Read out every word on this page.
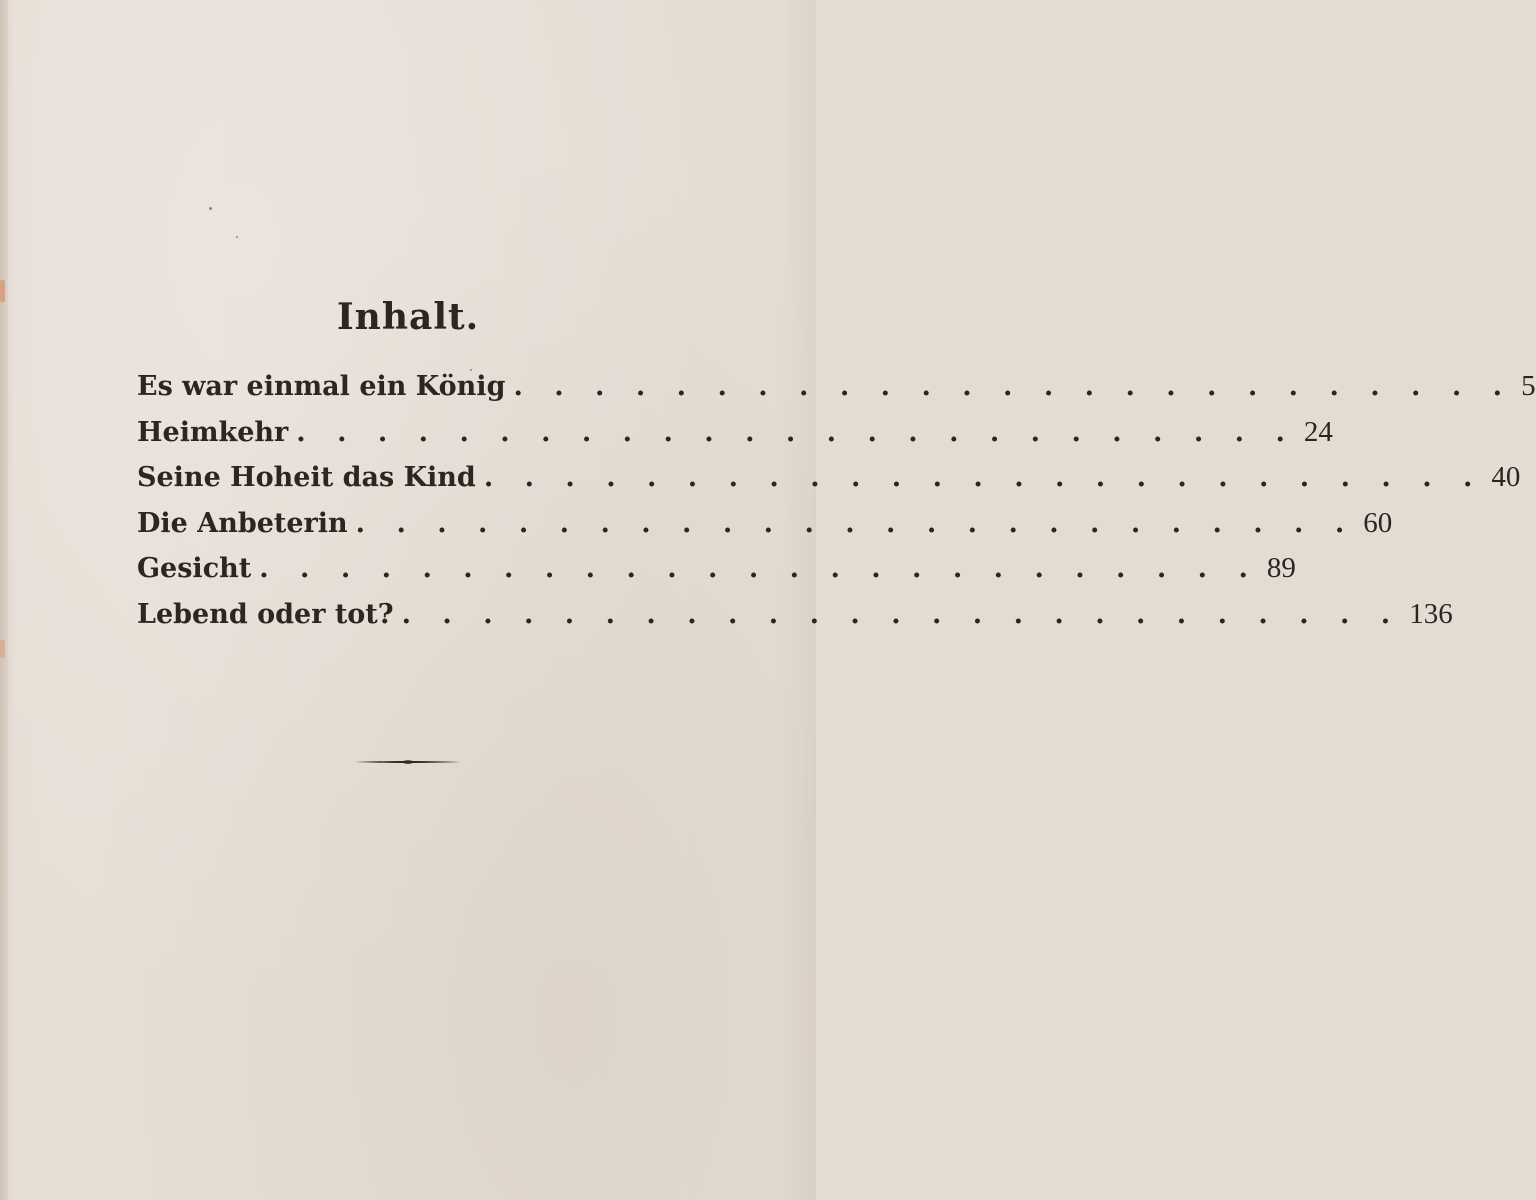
Inhalt.
Es war einmal ein König . . . . . . . . . . . . . . . . . . . . . . . . . 5
Heimkehr . . . . . . . . . . . . . . . . . . . . . . . . . 24
Seine Hoheit das Kind . . . . . . . . . . . . . . . . . . . . . . . . . 40
Die Anbeterin . . . . . . . . . . . . . . . . . . . . . . . . . 60
Gesicht . . . . . . . . . . . . . . . . . . . . . . . . . 89
Lebend oder tot? . . . . . . . . . . . . . . . . . . . . . . . . . 136
